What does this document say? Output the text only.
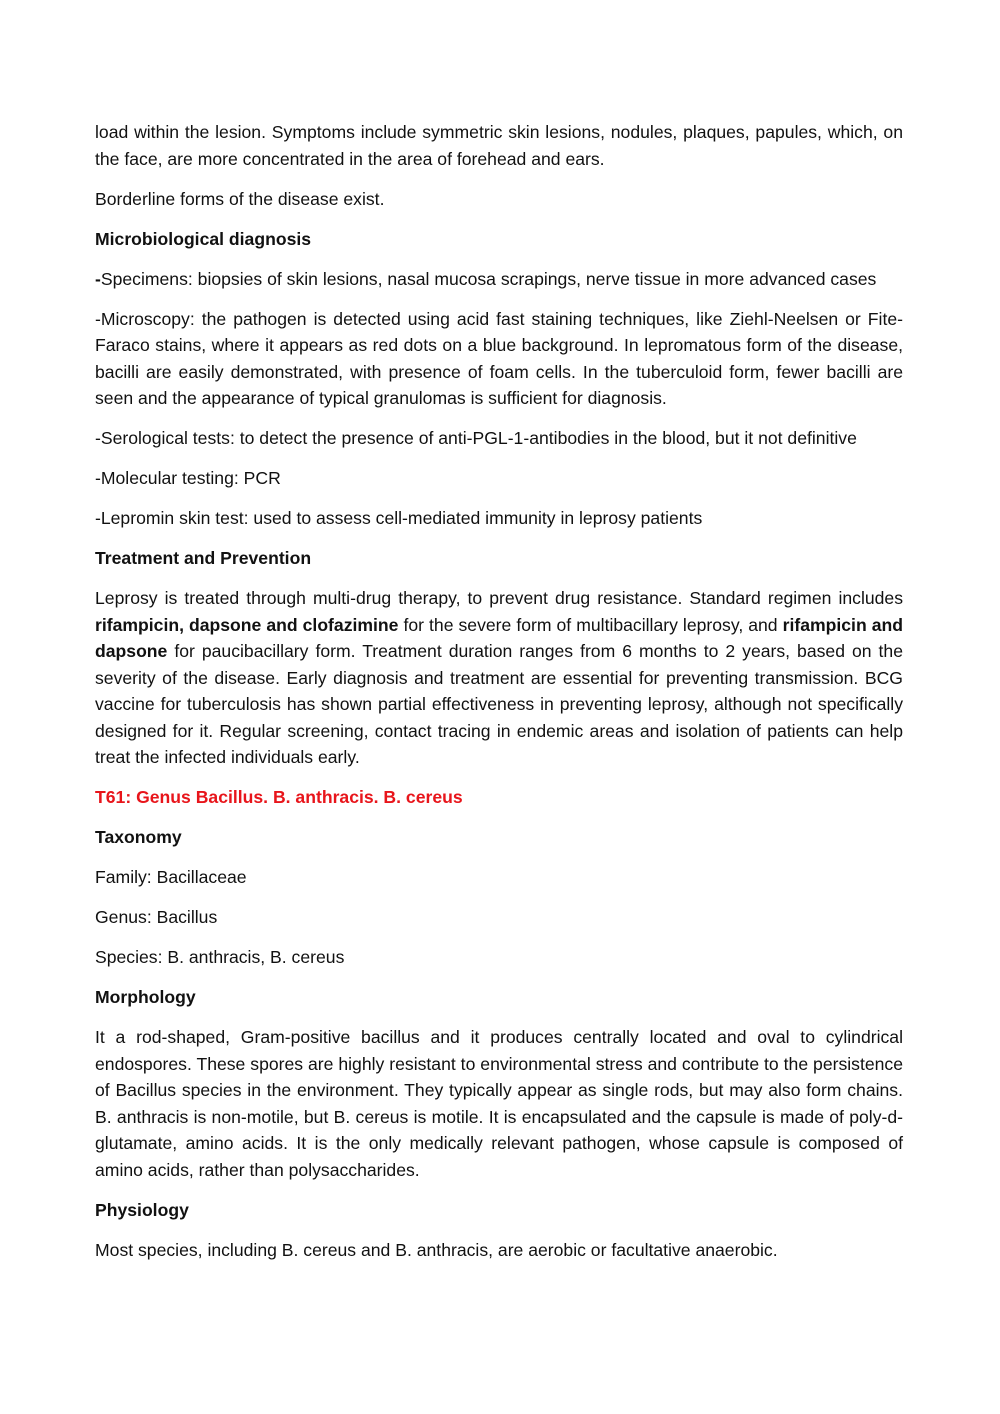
load within the lesion. Symptoms include symmetric skin lesions, nodules, plaques, papules, which, on the face, are more concentrated in the area of forehead and ears.

Borderline forms of the disease exist.

Microbiological diagnosis

-Specimens: biopsies of skin lesions, nasal mucosa scrapings, nerve tissue in more advanced cases

-Microscopy: the pathogen is detected using acid fast staining techniques, like Ziehl-Neelsen or Fite-Faraco stains, where it appears as red dots on a blue background. In lepromatous form of the disease, bacilli are easily demonstrated, with presence of foam cells. In the tuberculoid form, fewer bacilli are seen and the appearance of typical granulomas is sufficient for diagnosis.

-Serological tests: to detect the presence of anti-PGL-1-antibodies in the blood, but it not definitive

-Molecular testing: PCR

-Lepromin skin test: used to assess cell-mediated immunity in leprosy patients

Treatment and Prevention

Leprosy is treated through multi-drug therapy, to prevent drug resistance. Standard regimen includes rifampicin, dapsone and clofazimine for the severe form of multibacillary leprosy, and rifampicin and dapsone for paucibacillary form. Treatment duration ranges from 6 months to 2 years, based on the severity of the disease. Early diagnosis and treatment are essential for preventing transmission. BCG vaccine for tuberculosis has shown partial effectiveness in preventing leprosy, although not specifically designed for it. Regular screening, contact tracing in endemic areas and isolation of patients can help treat the infected individuals early.

T61: Genus Bacillus. B. anthracis. B. cereus

Taxonomy

Family: Bacillaceae

Genus: Bacillus

Species: B. anthracis, B. cereus

Morphology

It a rod-shaped, Gram-positive bacillus and it produces centrally located and oval to cylindrical endospores. These spores are highly resistant to environmental stress and contribute to the persistence of Bacillus species in the environment. They typically appear as single rods, but may also form chains. B. anthracis is non-motile, but B. cereus is motile. It is encapsulated and the capsule is made of poly-d-glutamate, amino acids. It is the only medically relevant pathogen, whose capsule is composed of amino acids, rather than polysaccharides.

Physiology

Most species, including B. cereus and B. anthracis, are aerobic or facultative anaerobic.
